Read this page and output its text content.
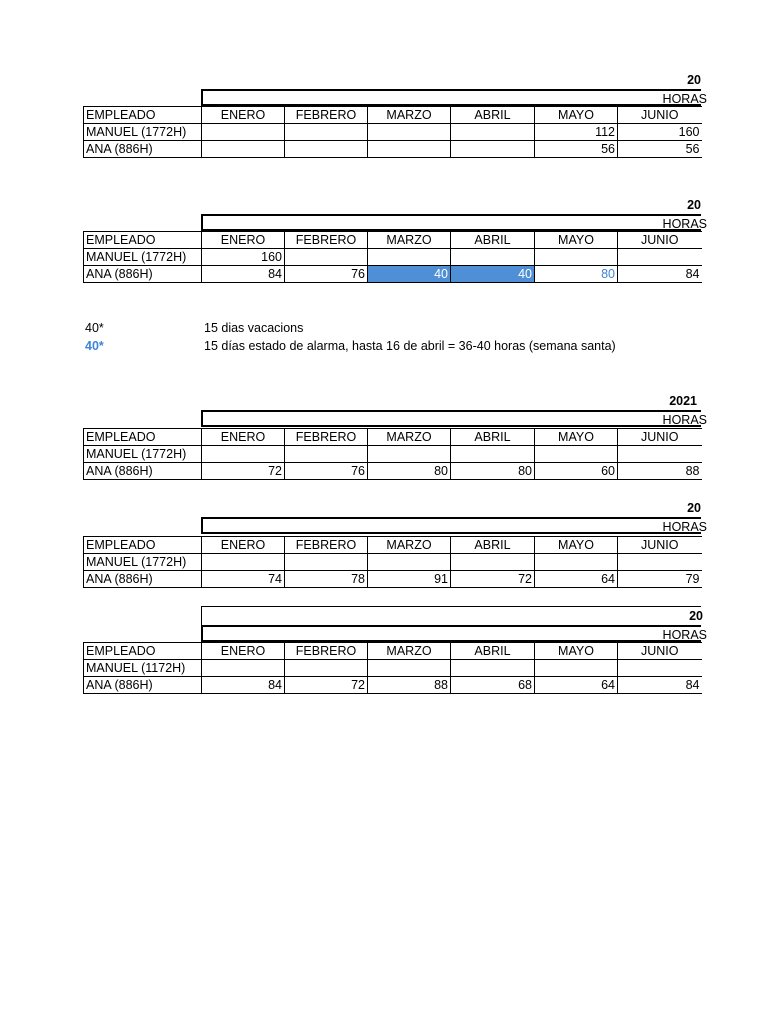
20
HORAS
EMPLEADO	ENERO	FEBRERO	MARZO	ABRIL	MAYO	JUNIO
MANUEL (1772H)					112	160
ANA (886H)					56	56
20
HORAS
EMPLEADO	ENERO	FEBRERO	MARZO	ABRIL	MAYO	JUNIO
MANUEL (1772H)	160					
ANA (886H)	84	76	40	40	80	84
40*	15 dias vacacions
40*	15 días estado de alarma, hasta 16 de abril = 36-40 horas (semana santa)
2021
HORAS
EMPLEADO	ENERO	FEBRERO	MARZO	ABRIL	MAYO	JUNIO
MANUEL (1772H)						
ANA (886H)	72	76	80	80	60	88
20
HORAS
EMPLEADO	ENERO	FEBRERO	MARZO	ABRIL	MAYO	JUNIO
MANUEL (1772H)						
ANA (886H)	74	78	91	72	64	79
20
HORAS
EMPLEADO	ENERO	FEBRERO	MARZO	ABRIL	MAYO	JUNIO
MANUEL (1172H)						
ANA (886H)	84	72	88	68	64	84
